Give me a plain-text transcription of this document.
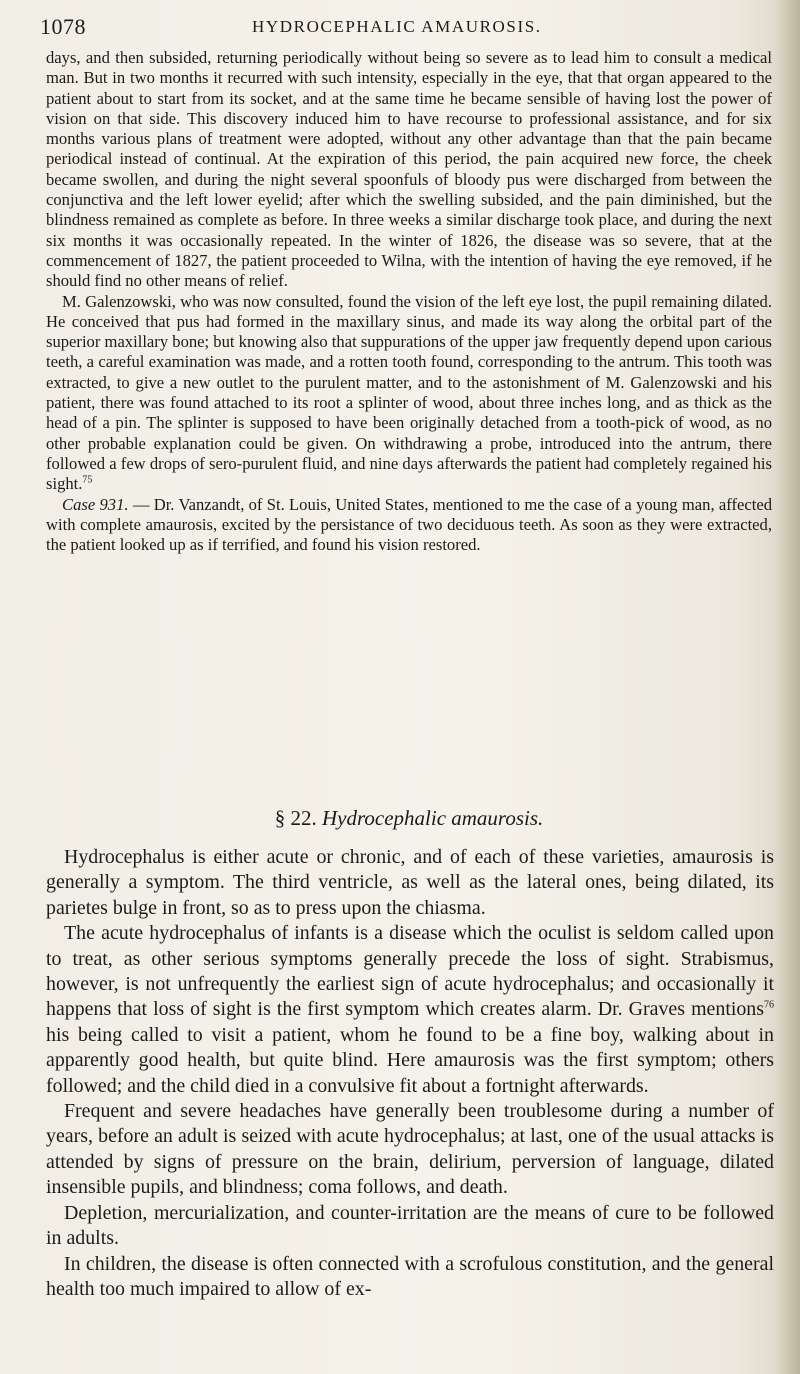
1078	HYDROCEPHALIC AMAUROSIS.

days, and then subsided, returning periodically without being so severe as to lead him to consult a medical man. But in two months it recurred with such intensity, especially in the eye, that that organ appeared to the patient about to start from its socket, and at the same time he became sensible of having lost the power of vision on that side. This discovery induced him to have recourse to professional assistance, and for six months various plans of treatment were adopted, without any other advantage than that the pain became periodical instead of continual. At the expiration of this period, the pain acquired new force, the cheek became swollen, and during the night several spoonfuls of bloody pus were discharged from between the conjunctiva and the left lower eyelid; after which the swelling subsided, and the pain diminished, but the blindness remained as complete as before. In three weeks a similar discharge took place, and during the next six months it was occasionally repeated. In the winter of 1826, the disease was so severe, that at the commencement of 1827, the patient proceeded to Wilna, with the intention of having the eye removed, if he should find no other means of relief.

M. Galenzowski, who was now consulted, found the vision of the left eye lost, the pupil remaining dilated. He conceived that pus had formed in the maxillary sinus, and made its way along the orbital part of the superior maxillary bone; but knowing also that suppurations of the upper jaw frequently depend upon carious teeth, a careful examination was made, and a rotten tooth found, corresponding to the antrum. This tooth was extracted, to give a new outlet to the purulent matter, and to the astonishment of M. Galenzowski and his patient, there was found attached to its root a splinter of wood, about three inches long, and as thick as the head of a pin. The splinter is supposed to have been originally detached from a tooth-pick of wood, as no other probable explanation could be given. On withdrawing a probe, introduced into the antrum, there followed a few drops of sero-purulent fluid, and nine days afterwards the patient had completely regained his sight.$^{75}$

Case 931. — Dr. Vanzandt, of St. Louis, United States, mentioned to me the case of a young man, affected with complete amaurosis, excited by the persistance of two deciduous teeth. As soon as they were extracted, the patient looked up as if terrified, and found his vision restored.

§ 22. Hydrocephalic amaurosis.

Hydrocephalus is either acute or chronic, and of each of these varieties, amaurosis is generally a symptom. The third ventricle, as well as the lateral ones, being dilated, its parietes bulge in front, so as to press upon the chiasma.

The acute hydrocephalus of infants is a disease which the oculist is seldom called upon to treat, as other serious symptoms generally precede the loss of sight. Strabismus, however, is not unfrequently the earliest sign of acute hydrocephalus; and occasionally it happens that loss of sight is the first symptom which creates alarm. Dr. Graves mentions$^{76}$ his being called to visit a patient, whom he found to be a fine boy, walking about in apparently good health, but quite blind. Here amaurosis was the first symptom; others followed; and the child died in a convulsive fit about a fortnight afterwards.

Frequent and severe headaches have generally been troublesome during a number of years, before an adult is seized with acute hydrocephalus; at last, one of the usual attacks is attended by signs of pressure on the brain, delirium, perversion of language, dilated insensible pupils, and blindness; coma follows, and death.

Depletion, mercurialization, and counter-irritation are the means of cure to be followed in adults.

In children, the disease is often connected with a scrofulous constitution, and the general health too much impaired to allow of ex-
